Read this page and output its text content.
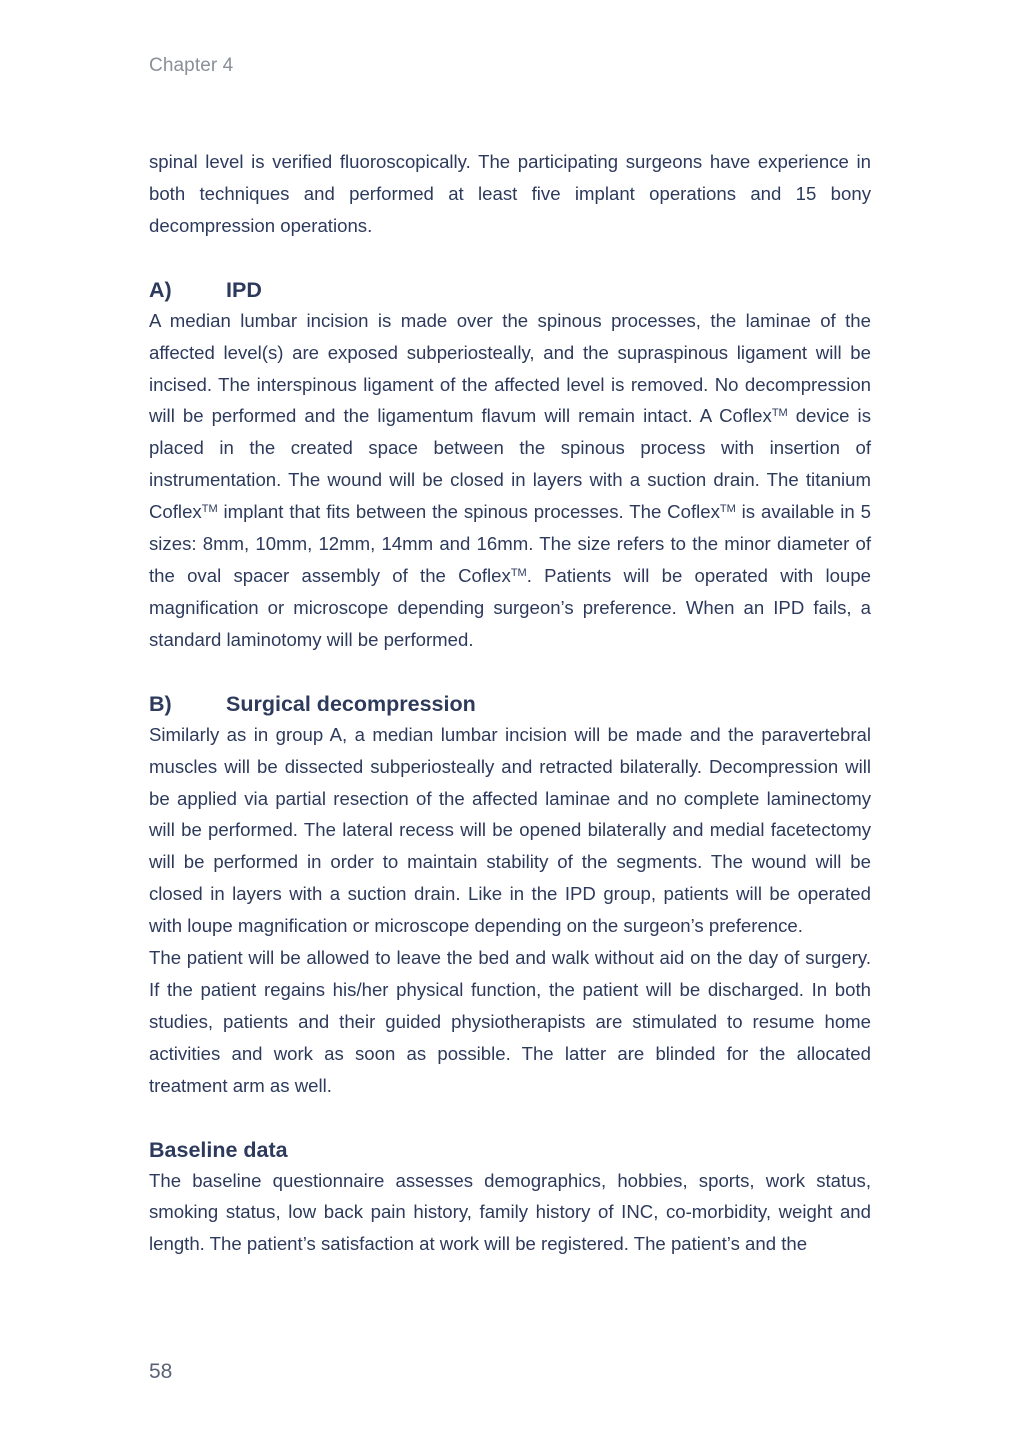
Chapter 4

spinal level is verified fluoroscopically. The participating surgeons have experience in both techniques and performed at least five implant operations and 15 bony decompression operations.

A)	IPD

A median lumbar incision is made over the spinous processes, the laminae of the affected level(s) are exposed subperiosteally, and the supraspinous ligament will be incised. The interspinous ligament of the affected level is removed. No decompression will be performed and the ligamentum flavum will remain intact. A Coflex™ device is placed in the created space between the spinous process with insertion of instrumentation. The wound will be closed in layers with a suction drain. The titanium Coflex™ implant that fits between the spinous processes. The Coflex™ is available in 5 sizes: 8mm, 10mm, 12mm, 14mm and 16mm. The size refers to the minor diameter of the oval spacer assembly of the Coflex™. Patients will be operated with loupe magnification or microscope depending surgeon’s preference. When an IPD fails, a standard laminotomy will be performed.

B)	Surgical decompression

Similarly as in group A, a median lumbar incision will be made and the paravertebral muscles will be dissected subperiosteally and retracted bilaterally. Decompression will be applied via partial resection of the affected laminae and no complete laminectomy will be performed. The lateral recess will be opened bilaterally and medial facetectomy will be performed in order to maintain stability of the segments. The wound will be closed in layers with a suction drain. Like in the IPD group, patients will be operated with loupe magnification or microscope depending on the surgeon’s preference.

The patient will be allowed to leave the bed and walk without aid on the day of surgery. If the patient regains his/her physical function, the patient will be discharged. In both studies, patients and their guided physiotherapists are stimulated to resume home activities and work as soon as possible. The latter are blinded for the allocated treatment arm as well.

Baseline data

The baseline questionnaire assesses demographics, hobbies, sports, work status, smoking status, low back pain history, family history of INC, co-morbidity, weight and length. The patient’s satisfaction at work will be registered. The patient’s and the

58
